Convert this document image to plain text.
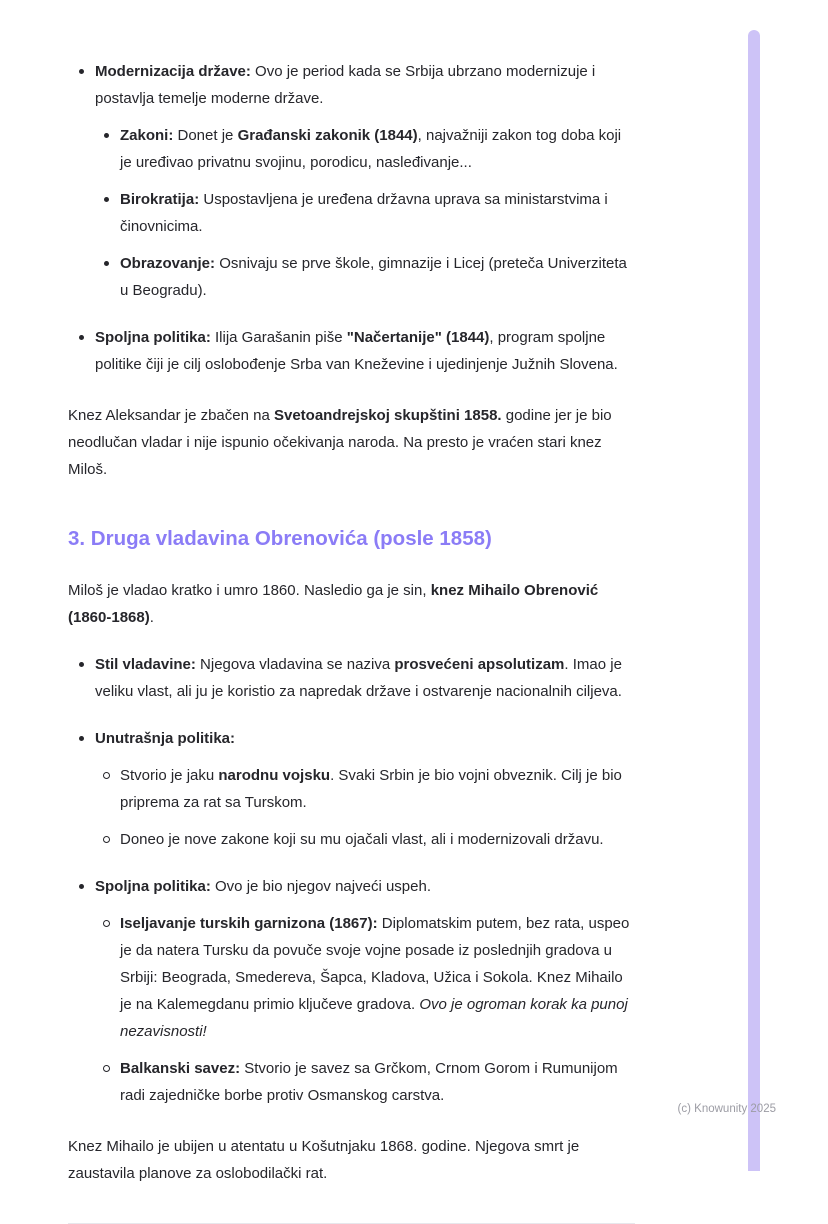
Modernizacija države: Ovo je period kada se Srbija ubrzano modernizuje i postavlja temelje moderne države.
Zakoni: Donet je Građanski zakonik (1844), najvažniji zakon tog doba koji je uređivao privatnu svojinu, porodicu, nasleđivanje...
Birokratija: Uspostavljena je uređena državna uprava sa ministarstvima i činovnicima.
Obrazovanje: Osnivaju se prve škole, gimnazije i Licej (preteča Univerziteta u Beogradu).
Spoljna politika: Ilija Garašanin piše "Načertanije" (1844), program spoljne politike čiji je cilj oslobođenje Srba van Kneževine i ujedinjenje Južnih Slovena.

Knez Aleksandar je zbačen na Svetoandrejskoj skupštini 1858. godine jer je bio neodlučan vladar i nije ispunio očekivanja naroda. Na presto je vraćen stari knez Miloš.

3. Druga vladavina Obrenovića (posle 1858)

Miloš je vladao kratko i umro 1860. Nasledio ga je sin, knez Mihailo Obrenović (1860-1868).

Stil vladavine: Njegova vladavina se naziva prosvećeni apsolutizam. Imao je veliku vlast, ali ju je koristio za napredak države i ostvarenje nacionalnih ciljeva.
Unutrašnja politika:
Stvorio je jaku narodnu vojsku. Svaki Srbin je bio vojni obveznik. Cilj je bio priprema za rat sa Turskom.
Doneo je nove zakone koji su mu ojačali vlast, ali i modernizovali državu.
Spoljna politika: Ovo je bio njegov najveći uspeh.
Iseljavanje turskih garnizona (1867): Diplomatskim putem, bez rata, uspeo je da natera Tursku da povuče svoje vojne posade iz poslednjih gradova u Srbiji: Beograda, Smedereva, Šapca, Kladova, Užica i Sokola. Knez Mihailo je na Kalemegdanu primio ključeve gradova. Ovo je ogroman korak ka punoj nezavisnosti!
Balkanski savez: Stvorio je savez sa Grčkom, Crnom Gorom i Rumunijom radi zajedničke borbe protiv Osmanskog carstva.

Knez Mihailo je ubijen u atentatu u Košutnjaku 1868. godine. Njegova smrt je zaustavila planove za oslobodilački rat.

(c) Knowunity 2025
